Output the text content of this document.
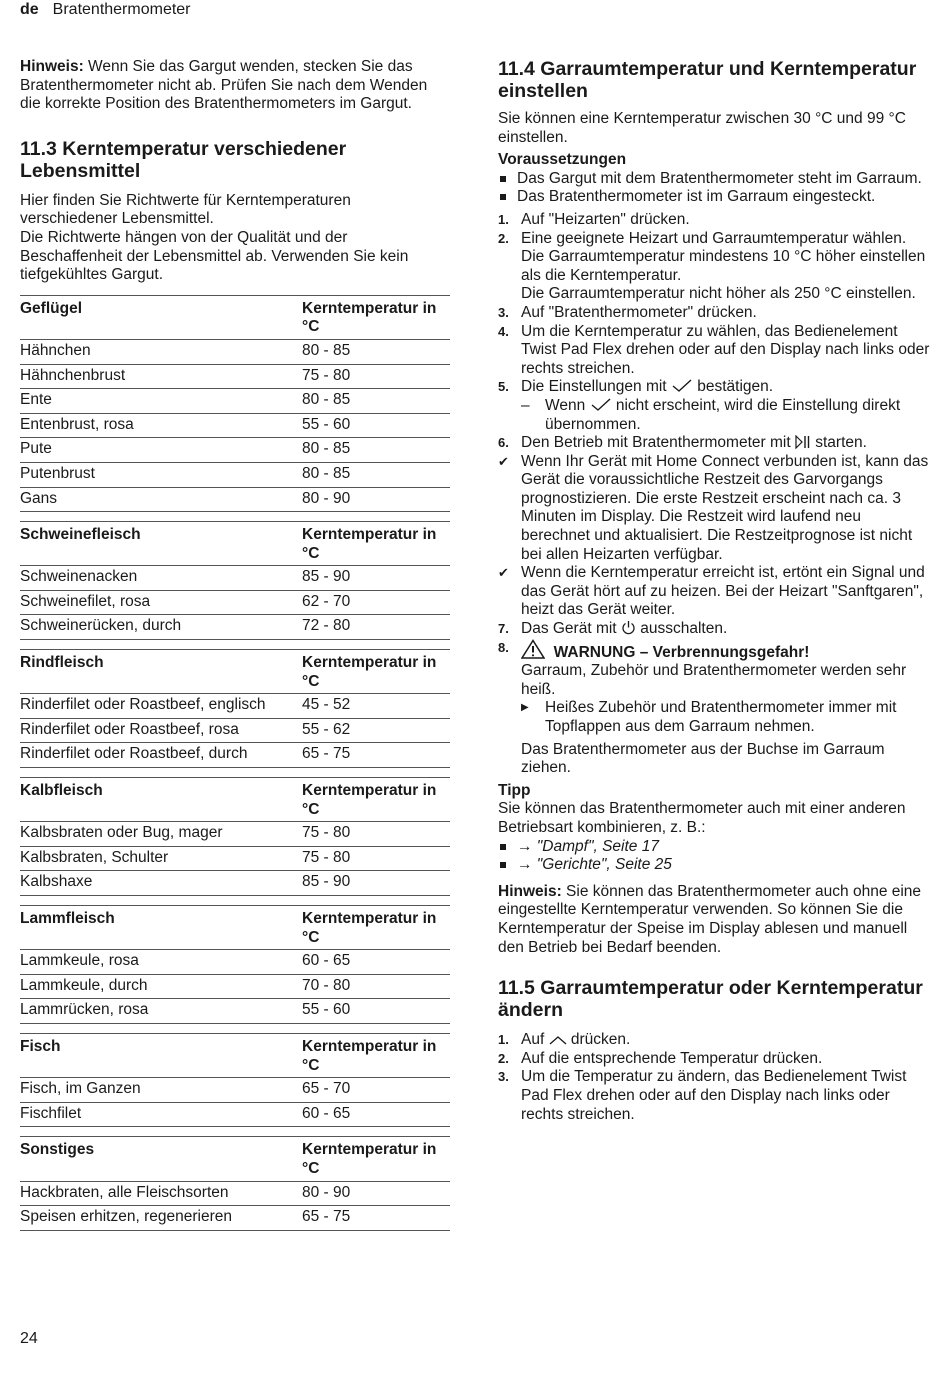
de Bratenthermometer

Hinweis: Wenn Sie das Gargut wenden, stecken Sie das Bratenthermometer nicht ab. Prüfen Sie nach dem Wenden die korrekte Position des Bratenthermometers im Gargut.

11.3 Kerntemperatur verschiedener Lebensmittel

Hier finden Sie Richtwerte für Kerntemperaturen verschiedener Lebensmittel.

Die Richtwerte hängen von der Qualität und der Beschaffenheit der Lebensmittel ab. Verwenden Sie kein tiefgekühltes Gargut.

Geflügel	Kerntemperatur in °C
Hähnchen	80 - 85
Hähnchenbrust	75 - 80
Ente	80 - 85
Entenbrust, rosa	55 - 60
Pute	80 - 85
Putenbrust	80 - 85
Gans	80 - 90

Schweinefleisch	Kerntemperatur in °C
Schweinenacken	85 - 90
Schweinefilet, rosa	62 - 70
Schweinerücken, durch	72 - 80

Rindfleisch	Kerntemperatur in °C
Rinderfilet oder Roastbeef, englisch	45 - 52
Rinderfilet oder Roastbeef, rosa	55 - 62
Rinderfilet oder Roastbeef, durch	65 - 75

Kalbfleisch	Kerntemperatur in °C
Kalbsbraten oder Bug, mager	75 - 80
Kalbsbraten, Schulter	75 - 80
Kalbshaxe	85 - 90

Lammfleisch	Kerntemperatur in °C
Lammkeule, rosa	60 - 65
Lammkeule, durch	70 - 80
Lammrücken, rosa	55 - 60

Fisch	Kerntemperatur in °C
Fisch, im Ganzen	65 - 70
Fischfilet	60 - 65

Sonstiges	Kerntemperatur in °C
Hackbraten, alle Fleischsorten	80 - 90
Speisen erhitzen, regenerieren	65 - 75

11.4 Garraumtemperatur und Kerntemperatur einstellen

Sie können eine Kerntemperatur zwischen 30 °C und 99 °C einstellen.

Voraussetzungen

Das Gargut mit dem Bratenthermometer steht im Garraum.
Das Bratenthermometer ist im Garraum eingesteckt.
1. Auf "Heizarten" drücken.
2. Eine geeignete Heizart und Garraumtemperatur wählen.
Die Garraumtemperatur mindestens 10 °C höher einstellen als die Kerntemperatur.
Die Garraumtemperatur nicht höher als 250 °C einstellen.
3. Auf "Bratenthermometer" drücken.
4. Um die Kerntemperatur zu wählen, das Bedienelement Twist Pad Flex drehen oder auf den Display nach links oder rechts streichen.
5. Die Einstellungen mit bestätigen.
– Wenn nicht erscheint, wird die Einstellung direkt übernommen.
6. Den Betrieb mit Bratenthermometer mit starten.
✔ Wenn Ihr Gerät mit Home Connect verbunden ist, kann das Gerät die voraussichtliche Restzeit des Garvorgangs prognostizieren. Die erste Restzeit erscheint nach ca. 3 Minuten im Display. Die Restzeit wird laufend neu berechnet und aktualisiert. Die Restzeitprognose ist nicht bei allen Heizarten verfügbar.
✔ Wenn die Kerntemperatur erreicht ist, ertönt ein Signal und das Gerät hört auf zu heizen. Bei der Heizart "Sanftgaren", heizt das Gerät weiter.
7. Das Gerät mit ausschalten.
8.	WARNUNG – Verbrennungsgefahr!
Garraum, Zubehör und Bratenthermometer werden sehr heiß.
▶ Heißes Zubehör und Bratenthermometer immer mit Topflappen aus dem Garraum nehmen.

Das Bratenthermometer aus der Buchse im Garraum ziehen.

Tipp

Sie können das Bratenthermometer auch mit einer anderen Betriebsart kombinieren, z. B.:

→ "Dampf", Seite 17
→ "Gerichte", Seite 25

Hinweis: Sie können das Bratenthermometer auch ohne eine eingestellte Kerntemperatur verwenden. So können Sie die Kerntemperatur der Speise im Display ablesen und manuell den Betrieb bei Bedarf beenden.

11.5 Garraumtemperatur oder Kerntemperatur ändern

1. Auf drücken.
2. Auf die entsprechende Temperatur drücken.
3. Um die Temperatur zu ändern, das Bedienelement Twist Pad Flex drehen oder auf den Display nach links oder rechts streichen.
24
